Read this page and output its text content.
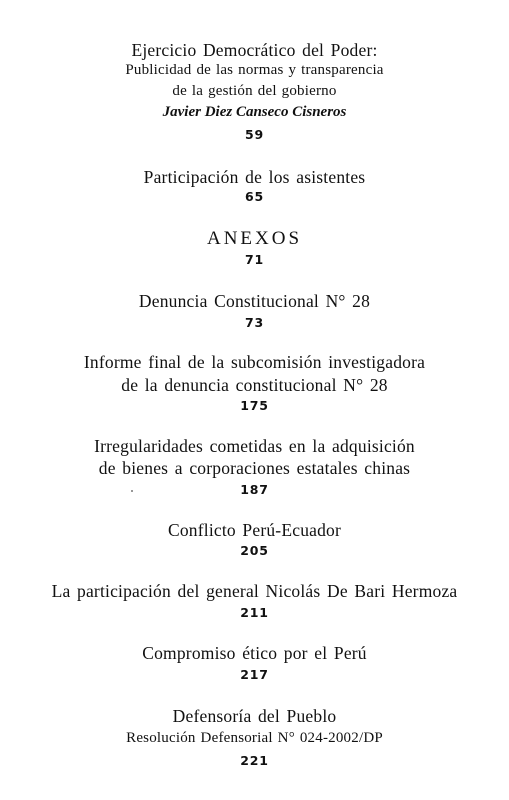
Ejercicio Democrático del Poder:
Publicidad de las normas y transparencia
de la gestión del gobierno
Javier Diez Canseco Cisneros
59
Participación de los asistentes
65
ANEXOS
71
Denuncia Constitucional N° 28
73
Informe final de la subcomisión investigadora
de la denuncia constitucional N° 28
175
Irregularidades cometidas en la adquisición
de bienes a corporaciones estatales chinas
187
Conflicto Perú-Ecuador
205
La participación del general Nicolás De Bari Hermoza
211
Compromiso ético por el Perú
217
Defensoría del Pueblo
Resolución Defensorial N° 024-2002/DP
221
